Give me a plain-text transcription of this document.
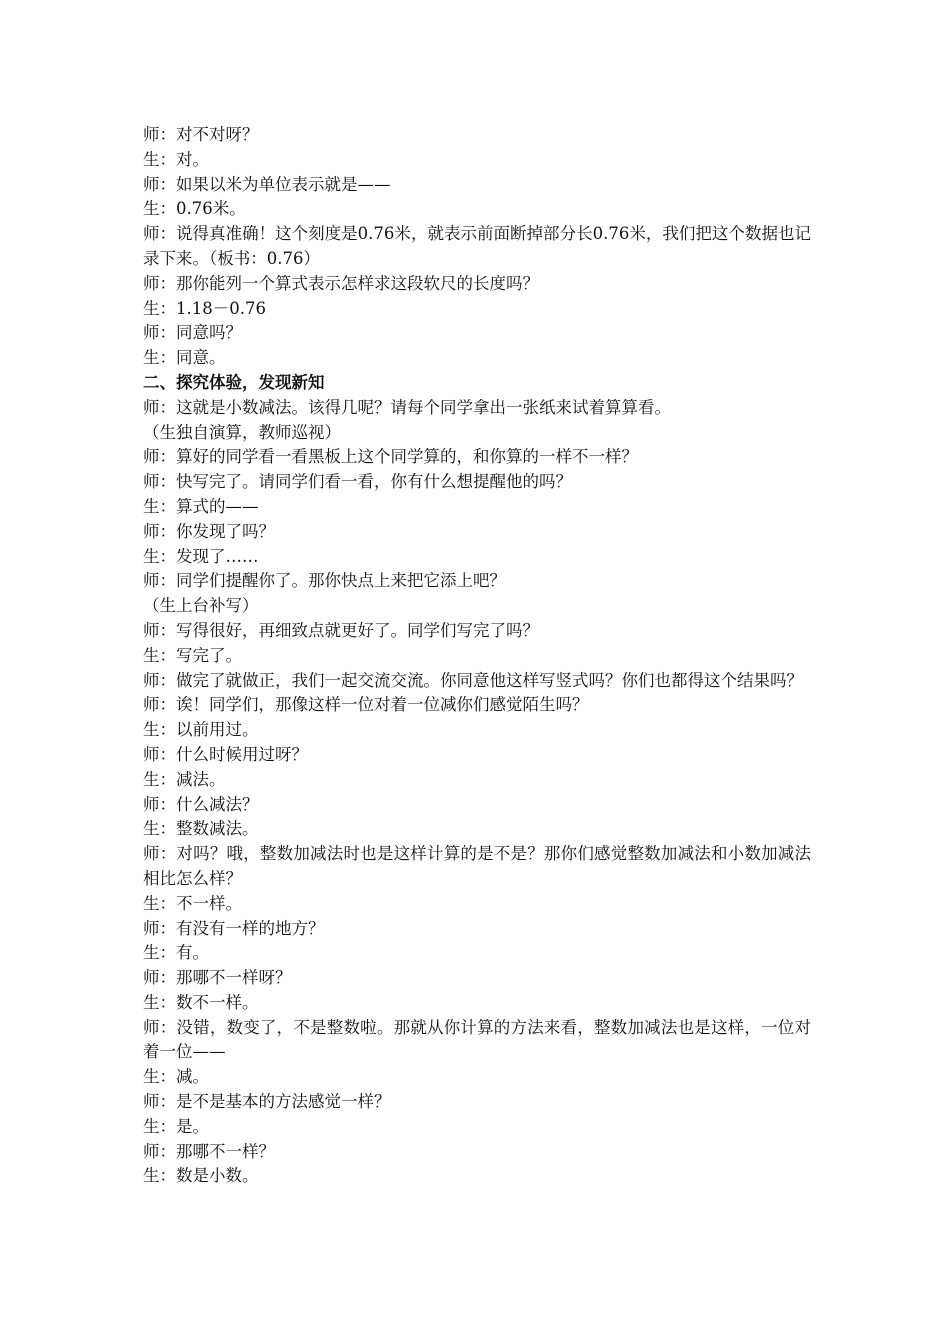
师：对不对呀？

生：对。

师：如果以米为单位表示就是——

生：0.76米。

师：说得真准确！这个刻度是0.76米，就表示前面断掉部分长0.76米，我们把这个数据也记录下来。（板书：0.76）

师：那你能列一个算式表示怎样求这段软尺的长度吗？

生：1.18－0.76

师：同意吗？

生：同意。

二、探究体验，发现新知

师：这就是小数减法。该得几呢？请每个同学拿出一张纸来试着算算看。

（生独自演算，教师巡视）

师：算好的同学看一看黑板上这个同学算的，和你算的一样不一样？

师：快写完了。请同学们看一看，你有什么想提醒他的吗？

生：算式的——

师：你发现了吗？

生：发现了……

师：同学们提醒你了。那你快点上来把它添上吧？

（生上台补写）

师：写得很好，再细致点就更好了。同学们写完了吗？

生：写完了。

师：做完了就做正，我们一起交流交流。你同意他这样写竖式吗？你们也都得这个结果吗？

师：诶！同学们，那像这样一位对着一位减你们感觉陌生吗？

生：以前用过。

师：什么时候用过呀？

生：减法。

师：什么减法？

生：整数减法。

师：对吗？哦，整数加减法时也是这样计算的是不是？那你们感觉整数加减法和小数加减法相比怎么样？

生：不一样。

师：有没有一样的地方？

生：有。

师：那哪不一样呀？

生：数不一样。

师：没错，数变了，不是整数啦。那就从你计算的方法来看，整数加减法也是这样，一位对着一位——

生：减。

师：是不是基本的方法感觉一样？

生：是。

师：那哪不一样？

生：数是小数。
